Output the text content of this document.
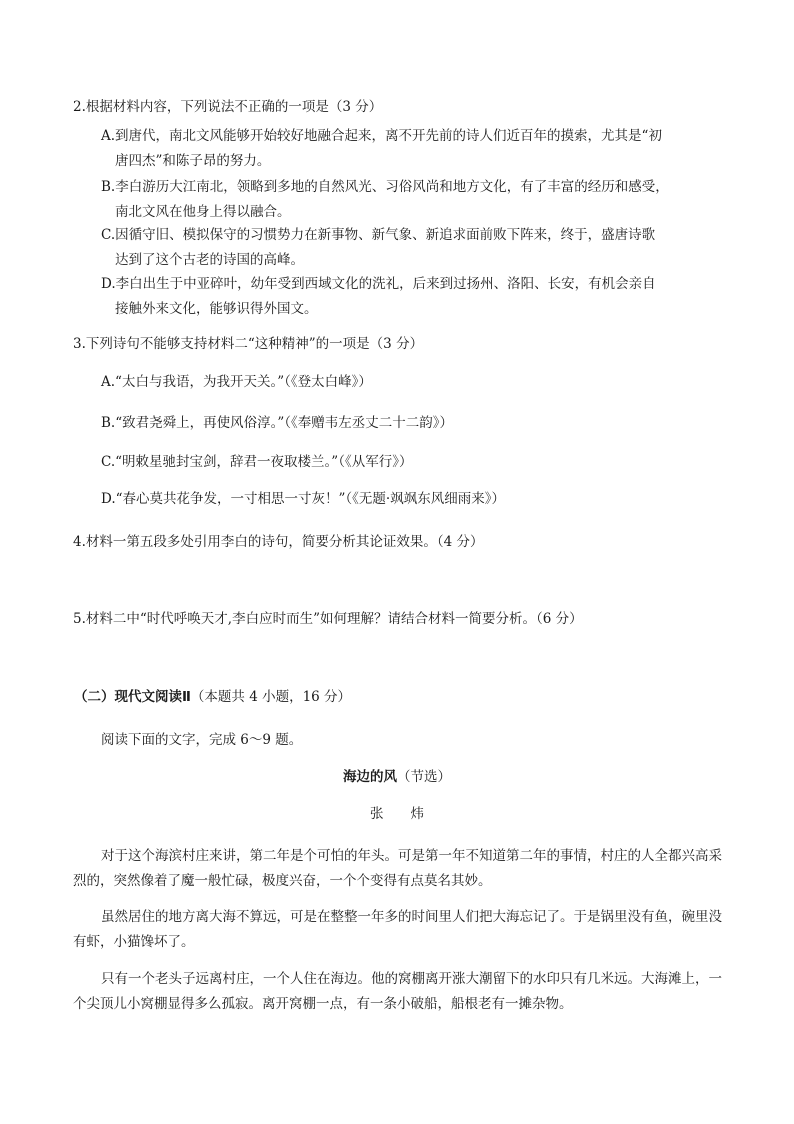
2.根据材料内容，下列说法不正确的一项是（3 分）
A.到唐代，南北文风能够开始较好地融合起来，离不开先前的诗人们近百年的摸索，尤其是“初
唐四杰”和陈子昂的努力。
B.李白游历大江南北，领略到多地的自然风光、习俗风尚和地方文化，有了丰富的经历和感受，
南北文风在他身上得以融合。
C.因循守旧、模拟保守的习惯势力在新事物、新气象、新追求面前败下阵来，终于，盛唐诗歌
达到了这个古老的诗国的高峰。
D.李白出生于中亚碎叶，幼年受到西域文化的洗礼，后来到过扬州、洛阳、长安，有机会亲自
接触外来文化，能够识得外国文。
3.下列诗句不能够支持材料二“这种精神”的一项是（3 分）
A.“太白与我语，为我开天关。”（《登太白峰》）
B.“致君尧舜上，再使风俗淳。”（《奉赠韦左丞丈二十二韵》）
C.“明敕星驰封宝剑，辞君一夜取楼兰。”（《从军行》）
D.“春心莫共花争发，一寸相思一寸灰！”（《无题·飒飒东风细雨来》）
4.材料一第五段多处引用李白的诗句，简要分析其论证效果。（4 分）
5.材料二中“时代呼唤天才,李白应时而生”如何理解？请结合材料一简要分析。（6 分）
（二）现代文阅读Ⅱ（本题共 4 小题，16 分）
阅读下面的文字，完成 6～9 题。
海边的风（节选）
张　　炜

对于这个海滨村庄来讲，第二年是个可怕的年头。可是第一年不知道第二年的事情，村庄的人全都兴高采烈的，突然像着了魔一般忙碌，极度兴奋，一个个变得有点莫名其妙。

虽然居住的地方离大海不算远，可是在整整一年多的时间里人们把大海忘记了。于是锅里没有鱼，碗里没有虾，小猫馋坏了。

只有一个老头子远离村庄，一个人住在海边。他的窝棚离开涨大潮留下的水印只有几米远。大海滩上，一个尖顶儿小窝棚显得多么孤寂。离开窝棚一点，有一条小破船，船根老有一摊杂物。
